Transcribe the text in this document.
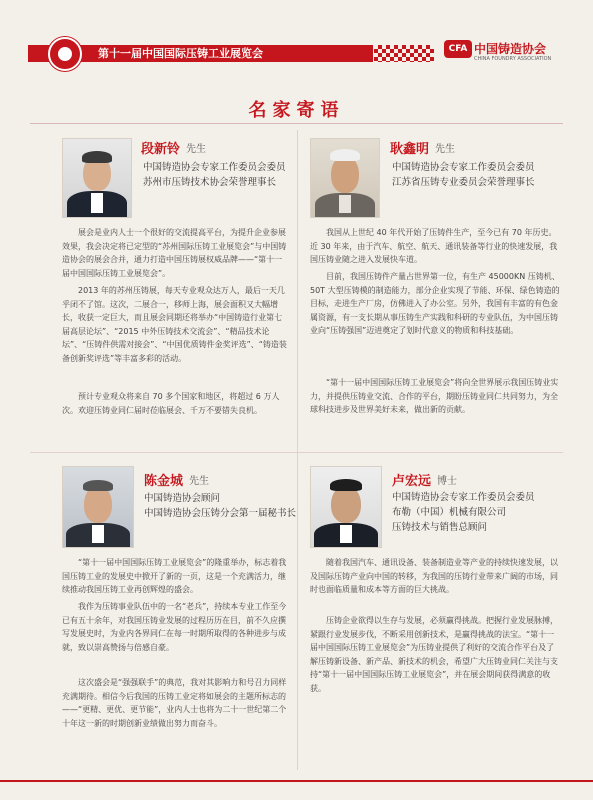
第十一届中国国际压铸工业展览会	CFA 中国铸造协会
CHINA FOUNDRY ASSOCIATION
名家寄语
段新铃 先生
中国铸造协会专家工作委员会委员
苏州市压铸技术协会荣誉理事长

展会是业内人士一个很好的交流提高平台，为提升企业参展效果，我会决定将已定型的“苏州国际压铸工业展览会”与中国铸造协会的展会合并，通力打造中国压铸展权威品牌——“第十一届中国国际压铸工业展览会”。

2013 年的苏州压铸展，每天专业观众达万人，最后一天几乎闭不了馆。这次，二展合一，移师上海，展会面积又大幅增长，收获一定巨大，而且展会同期还将举办“中国铸造行业第七届高层论坛”、“2015 中外压铸技术交流会”、“精品技术论坛”、“压铸件供需对接会”、“中国优质铸件金奖评选”、“铸造装备创新奖评选”等丰富多彩的活动。

预计专业观众将来自 70 多个国家和地区，将超过 6 万人次。欢迎压铸业同仁届时莅临展会、千万不要错失良机。

耿鑫明 先生
中国铸造协会专家工作委员会委员
江苏省压铸专业委员会荣誉理事长

我国从上世纪 40 年代开始了压铸件生产，至今已有 70 年历史。近 30 年来，由于汽车、航空、航天、通讯装备等行业的快速发展，我国压铸业随之进入发展快车道。

目前，我国压铸件产量占世界第一位，有生产 45000KN 压铸机、50T 大型压铸模的制造能力，部分企业实现了节能、环保、绿色铸造的目标，走进生产厂房，仿佛进入了办公室。另外，我国有丰富的有色金属资源，有一支长期从事压铸生产实践和科研的专业队伍，为中国压铸业向“压铸强国”迈进奠定了划时代意义的物质和科技基础。

“第十一届中国国际压铸工业展览会”将向全世界展示我国压铸业实力，并提供压铸业交流、合作的平台，期盼压铸业同仁共同努力，为全球科技进步及世界美好未来，做出新的贡献。

陈金城 先生
中国铸造协会顾问
中国铸造协会压铸分会第一届秘书长

“第十一届中国国际压铸工业展览会”的隆重举办，标志着我国压铸工业的发展史中掀开了新的一页，这是一个充满活力，继续推动我国压铸工业再创辉煌的盛会。

我作为压铸事业队伍中的一名“老兵”，持续本专业工作至今已有五十余年，对我国压铸业发展的过程历历在目，前不久应撰写发展史时，为业内各界同仁在每一时期所取得的各种进步与成就，致以崇高赞扬与倍感自豪。

这次盛会是“强强联手”的典范，我对其影响力和号召力同样充满期待。相信今后我国的压铸工业定将如展会的主题所标志的——“更精、更优、更节能”，业内人士也将为二十一世纪第二个十年这一新的时期创新业绩做出努力而奋斗。

卢宏远 博士
中国铸造协会专家工作委员会委员
布勒（中国）机械有限公司
压铸技术与销售总顾问

随着我国汽车、通讯设备、装备制造业等产业的持续快速发展，以及国际压铸产业向中国的转移，为我国的压铸行业带来广阔的市场，同时也面临质量和成本等方面的巨大挑战。

压铸企业欲得以生存与发展，必须赢得挑战。把握行业发展脉搏，紧跟行业发展步伐，不断采用创新技术，是赢得挑战的法宝。“第十一届中国国际压铸工业展览会”为压铸业提供了利好的交流合作平台及了解压铸新设备、新产品、新技术的机会，希望广大压铸业同仁关注与支持“第十一届中国国际压铸工业展览会”，并在展会期间获得满意的收获。
